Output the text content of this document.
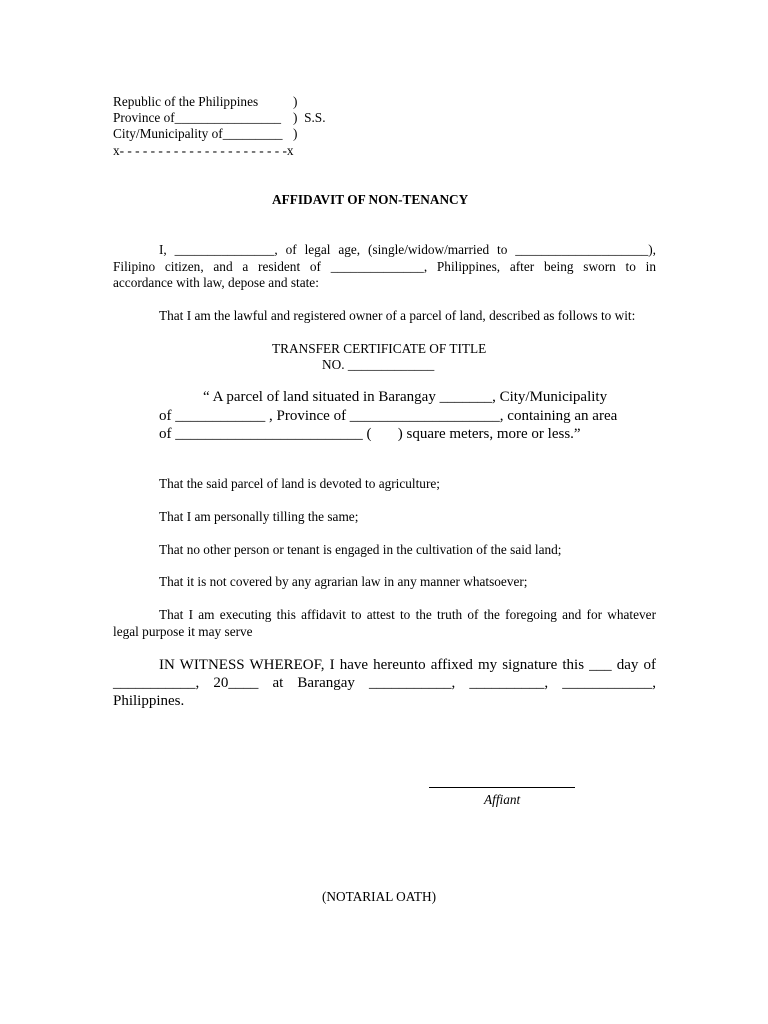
Republic of the Philippines	)
Province of________________ )  S.S.
City/Municipality of_________ )
x- - - - - - - - - - - - - - - - - - - - - -x
AFFIDAVIT OF NON-TENANCY
I, _______________, of legal age, (single/widow/married to ____________________),
Filipino citizen, and a resident of ______________, Philippines, after being sworn to in
accordance with law, depose and state:
That I am the lawful and registered owner of a parcel of land, described as follows to wit:
TRANSFER CERTIFICATE OF TITLE
NO. _____________
“ A parcel of land situated in Barangay _______, City/Municipality
of ____________ , Province of ____________________, containing an area
of _________________________ (       ) square meters, more or less.”
That the said parcel of land is devoted to agriculture;
That I am personally tilling the same;
That no other person or tenant is engaged in the cultivation of the said land;
That it is not covered by any agrarian law in any manner whatsoever;
That I am executing this affidavit to attest to the truth of the foregoing and for whatever
legal purpose it may serve
IN WITNESS WHEREOF, I have hereunto affixed my signature this ___ day of
___________, 20____ at Barangay ___________, __________, ____________,
Philippines.
Affiant
(NOTARIAL OATH)
